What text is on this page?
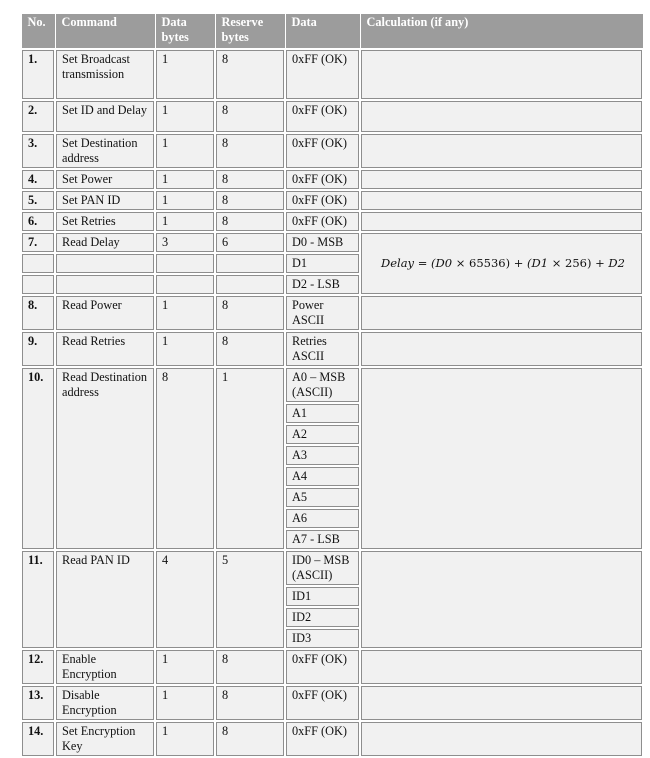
No.	Command	Data bytes	Reserve bytes	Data	Calculation (if any)
1.	Set Broadcast transmission	1	8	0xFF (OK)	
2.	Set ID and Delay	1	8	0xFF (OK)	
3.	Set Destination address	1	8	0xFF (OK)	
4.	Set Power	1	8	0xFF (OK)	
5.	Set PAN ID	1	8	0xFF (OK)	
6.	Set Retries	1	8	0xFF (OK)	
7.	Read Delay	3	6	D0 - MSB	Delay = (D0 × 65536) + (D1 × 256) + D2
				D1	
				D2 - LSB	
8.	Read Power	1	8	Power ASCII	
9.	Read Retries	1	8	Retries ASCII	
10.	Read Destination address	8	1	A0 – MSB (ASCII)	
				A1	
				A2	
				A3	
				A4	
				A5	
				A6	
				A7 - LSB	
11.	Read PAN ID	4	5	ID0 – MSB (ASCII)	
				ID1	
				ID2	
				ID3	
12.	Enable Encryption	1	8	0xFF (OK)	
13.	Disable Encryption	1	8	0xFF (OK)	
14.	Set Encryption Key	1	8	0xFF (OK)	
